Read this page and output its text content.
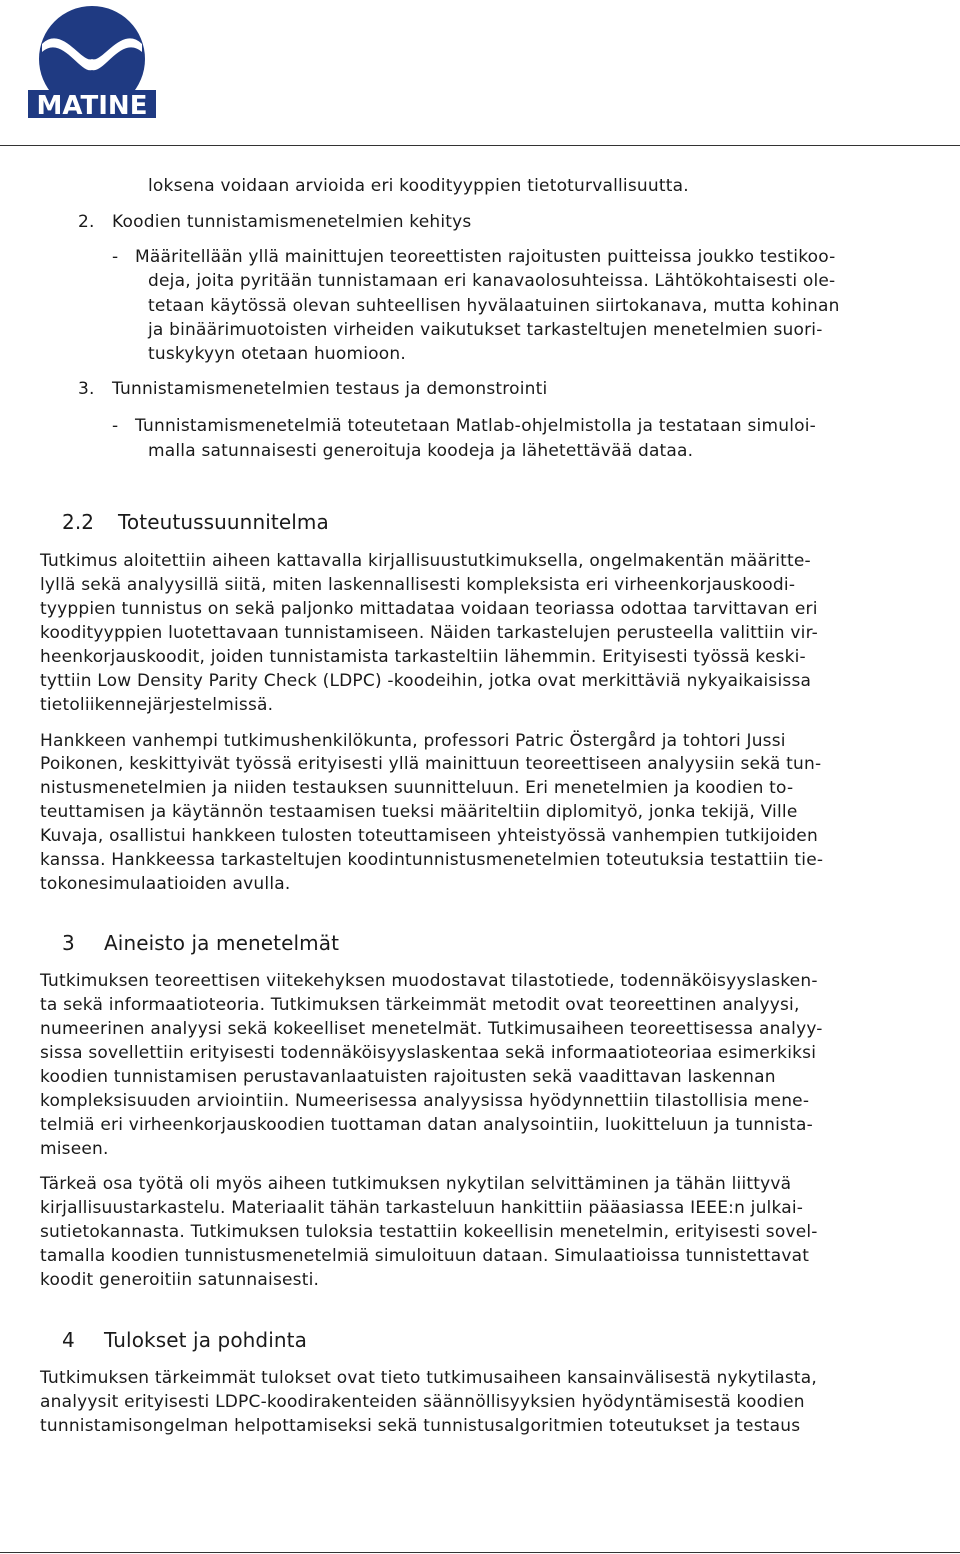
MATINE
loksena voidaan arvioida eri koodityyppien tietoturvallisuutta.
2. Koodien tunnistamismenetelmien kehitys
- Määritellään yllä mainittujen teoreettisten rajoitusten puitteissa joukko testikoo-
deja, joita pyritään tunnistamaan eri kanavaolosuhteissa. Lähtökohtaisesti ole-
tetaan käytössä olevan suhteellisen hyvälaatuinen siirtokanava, mutta kohinan
ja binäärimuotoisten virheiden vaikutukset tarkasteltujen menetelmien suori-
tuskykyyn otetaan huomioon.
3. Tunnistamismenetelmien testaus ja demonstrointi
- Tunnistamismenetelmiä toteutetaan Matlab-ohjelmistolla ja testataan simuloi-
malla satunnaisesti generoituja koodeja ja lähetettävää dataa.
2.2 Toteutussuunnitelma
Tutkimus aloitettiin aiheen kattavalla kirjallisuustutkimuksella, ongelmakentän määritte-
lyllä sekä analyysillä siitä, miten laskennallisesti kompleksista eri virheenkorjauskoodi-
tyyppien tunnistus on sekä paljonko mittadataa voidaan teoriassa odottaa tarvittavan eri
koodityyppien luotettavaan tunnistamiseen. Näiden tarkastelujen perusteella valittiin vir-
heenkorjauskoodit, joiden tunnistamista tarkasteltiin lähemmin. Erityisesti työssä keski-
tyttiin Low Density Parity Check (LDPC) -koodeihin, jotka ovat merkittäviä nykyaikaisissa
tietoliikennejärjestelmissä.
Hankkeen vanhempi tutkimushenkilökunta, professori Patric Östergård ja tohtori Jussi
Poikonen, keskittyivät työssä erityisesti yllä mainittuun teoreettiseen analyysiin sekä tun-
nistusmenetelmien ja niiden testauksen suunnitteluun. Eri menetelmien ja koodien to-
teuttamisen ja käytännön testaamisen tueksi määriteltiin diplomityö, jonka tekijä, Ville
Kuvaja, osallistui hankkeen tulosten toteuttamiseen yhteistyössä vanhempien tutkijoiden
kanssa. Hankkeessa tarkasteltujen koodintunnistusmenetelmien toteutuksia testattiin tie-
tokonesimulaatioiden avulla.
3 Aineisto ja menetelmät
Tutkimuksen teoreettisen viitekehyksen muodostavat tilastotiede, todennäköisyyslasken-
ta sekä informaatioteoria. Tutkimuksen tärkeimmät metodit ovat teoreettinen analyysi,
numeerinen analyysi sekä kokeelliset menetelmät. Tutkimusaiheen teoreettisessa analyy-
sissa sovellettiin erityisesti todennäköisyyslaskentaa sekä informaatioteoriaa esimerkiksi
koodien tunnistamisen perustavanlaatuisten rajoitusten sekä vaadittavan laskennan
kompleksisuuden arviointiin. Numeerisessa analyysissa hyödynnettiin tilastollisia mene-
telmiä eri virheenkorjauskoodien tuottaman datan analysointiin, luokitteluun ja tunnista-
miseen.
Tärkeä osa työtä oli myös aiheen tutkimuksen nykytilan selvittäminen ja tähän liittyvä
kirjallisuustarkastelu. Materiaalit tähän tarkasteluun hankittiin pääasiassa IEEE:n julkai-
sutietokannasta. Tutkimuksen tuloksia testattiin kokeellisin menetelmin, erityisesti sovel-
tamalla koodien tunnistusmenetelmiä simuloituun dataan. Simulaatioissa tunnistettavat
koodit generoitiin satunnaisesti.
4 Tulokset ja pohdinta
Tutkimuksen tärkeimmät tulokset ovat tieto tutkimusaiheen kansainvälisestä nykytilasta,
analyysit erityisesti LDPC-koodirakenteiden säännöllisyyksien hyödyntämisestä koodien
tunnistamisongelman helpottamiseksi sekä tunnistusalgoritmien toteutukset ja testaus
